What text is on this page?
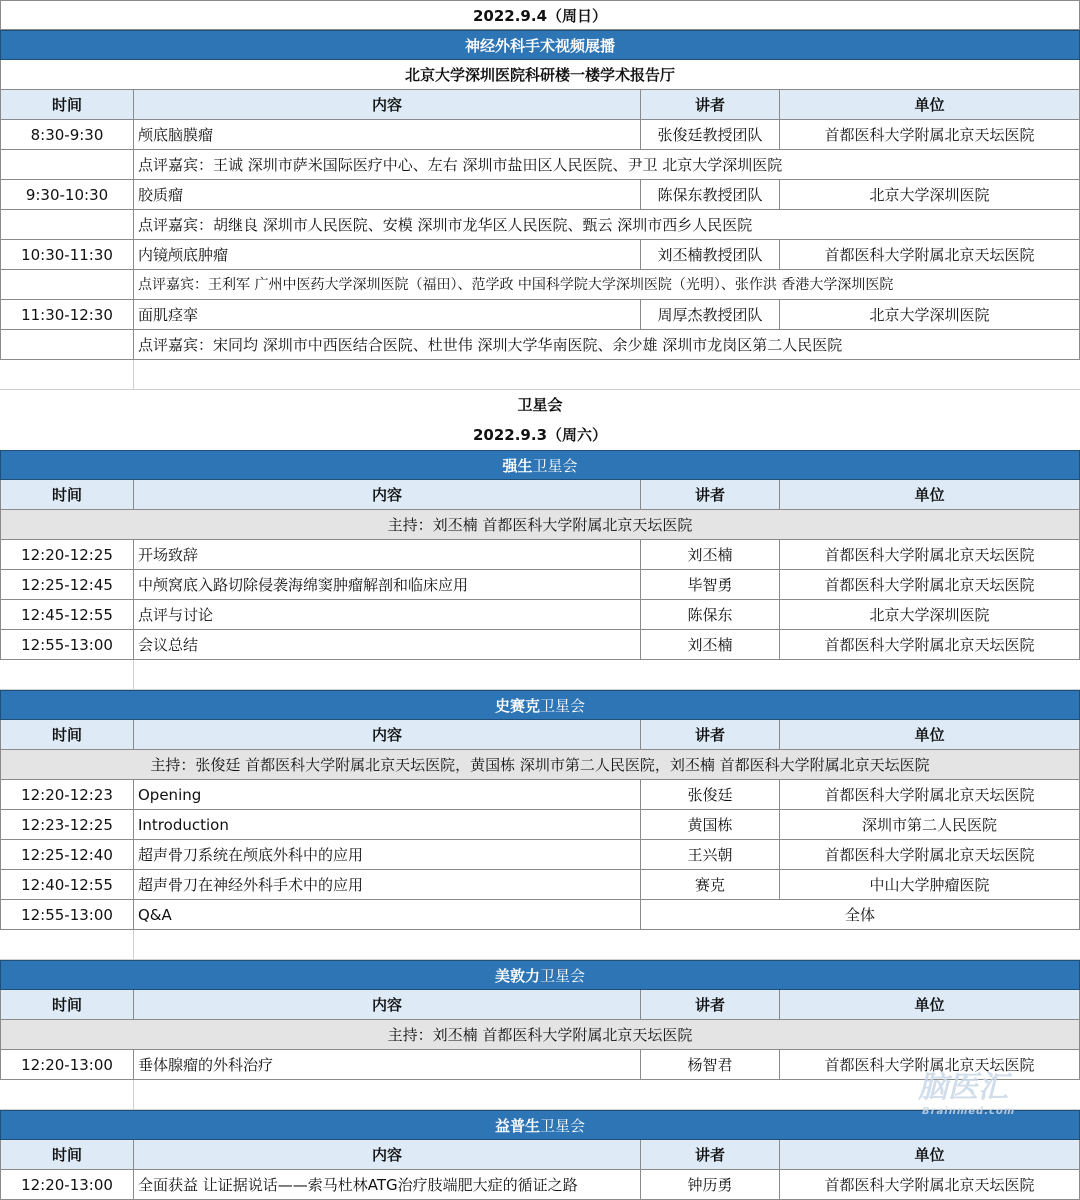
2022.9.4（周日）
神经外科手术视频展播
北京大学深圳医院科研楼一楼学术报告厅
时间	内容	讲者	单位
8:30-9:30	颅底脑膜瘤	张俊廷教授团队	首都医科大学附属北京天坛医院
点评嘉宾：王诚 深圳市萨米国际医疗中心、左右 深圳市盐田区人民医院、尹卫 北京大学深圳医院
9:30-10:30	胶质瘤	陈保东教授团队	北京大学深圳医院
点评嘉宾：胡继良 深圳市人民医院、安模 深圳市龙华区人民医院、甄云 深圳市西乡人民医院
10:30-11:30	内镜颅底肿瘤	刘丕楠教授团队	首都医科大学附属北京天坛医院
点评嘉宾：王利军 广州中医药大学深圳医院（福田）、范学政 中国科学院大学深圳医院（光明）、张作洪 香港大学深圳医院
11:30-12:30	面肌痉挛	周厚杰教授团队	北京大学深圳医院
点评嘉宾：宋同均 深圳市中西医结合医院、杜世伟 深圳大学华南医院、余少雄 深圳市龙岗区第二人民医院
卫星会
2022.9.3（周六）
强生卫星会
时间	内容	讲者	单位
主持：刘丕楠 首都医科大学附属北京天坛医院
12:20-12:25	开场致辞	刘丕楠	首都医科大学附属北京天坛医院
12:25-12:45	中颅窝底入路切除侵袭海绵窦肿瘤解剖和临床应用	毕智勇	首都医科大学附属北京天坛医院
12:45-12:55	点评与讨论	陈保东	北京大学深圳医院
12:55-13:00	会议总结	刘丕楠	首都医科大学附属北京天坛医院
史赛克卫星会
时间	内容	讲者	单位
主持：张俊廷 首都医科大学附属北京天坛医院，黄国栋 深圳市第二人民医院，刘丕楠 首都医科大学附属北京天坛医院
12:20-12:23	Opening	张俊廷	首都医科大学附属北京天坛医院
12:23-12:25	Introduction	黄国栋	深圳市第二人民医院
12:25-12:40	超声骨刀系统在颅底外科中的应用	王兴朝	首都医科大学附属北京天坛医院
12:40-12:55	超声骨刀在神经外科手术中的应用	赛克	中山大学肿瘤医院
12:55-13:00	Q&A	全体
美敦力卫星会
时间	内容	讲者	单位
主持：刘丕楠 首都医科大学附属北京天坛医院
12:20-13:00	垂体腺瘤的外科治疗	杨智君	首都医科大学附属北京天坛医院
益普生卫星会
时间	内容	讲者	单位
12:20-13:00	全面获益 让证据说话——索马杜林ATG治疗肢端肥大症的循证之路	钟历勇	首都医科大学附属北京天坛医院
脑医汇
Brainmed.com
